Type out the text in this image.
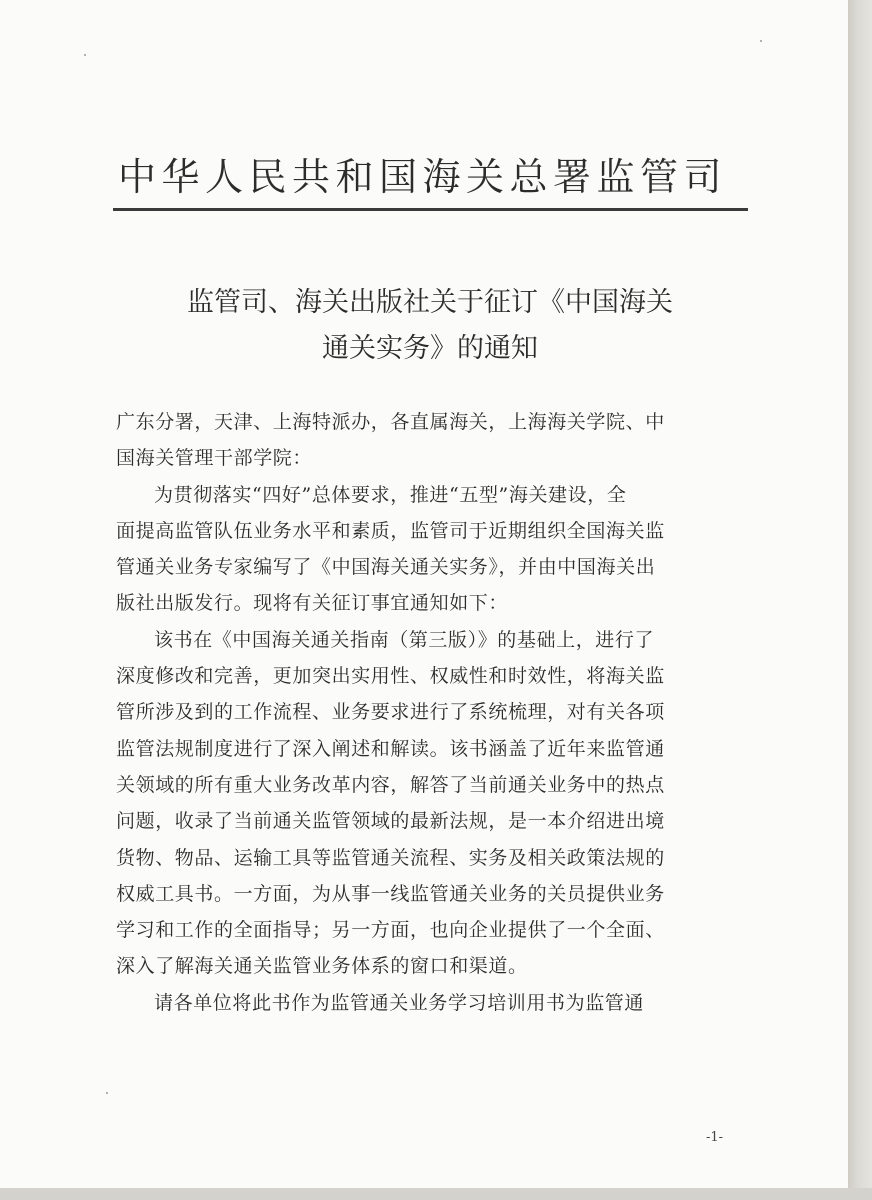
中华人民共和国海关总署监管司
监管司、海关出版社关于征订《中国海关
通关实务》的通知
广东分署，天津、上海特派办，各直属海关，上海海关学院、中
国海关管理干部学院：
为贯彻落实“四好”总体要求，推进“五型”海关建设，全
面提高监管队伍业务水平和素质，监管司于近期组织全国海关监
管通关业务专家编写了《中国海关通关实务》，并由中国海关出
版社出版发行。现将有关征订事宜通知如下：
该书在《中国海关通关指南（第三版）》的基础上，进行了
深度修改和完善，更加突出实用性、权威性和时效性，将海关监
管所涉及到的工作流程、业务要求进行了系统梳理，对有关各项
监管法规制度进行了深入阐述和解读。该书涵盖了近年来监管通
关领域的所有重大业务改革内容，解答了当前通关业务中的热点
问题，收录了当前通关监管领域的最新法规，是一本介绍进出境
货物、物品、运输工具等监管通关流程、实务及相关政策法规的
权威工具书。一方面，为从事一线监管通关业务的关员提供业务
学习和工作的全面指导；另一方面，也向企业提供了一个全面、
深入了解海关通关监管业务体系的窗口和渠道。
请各单位将此书作为监管通关业务学习培训用书为监管通
-1-
